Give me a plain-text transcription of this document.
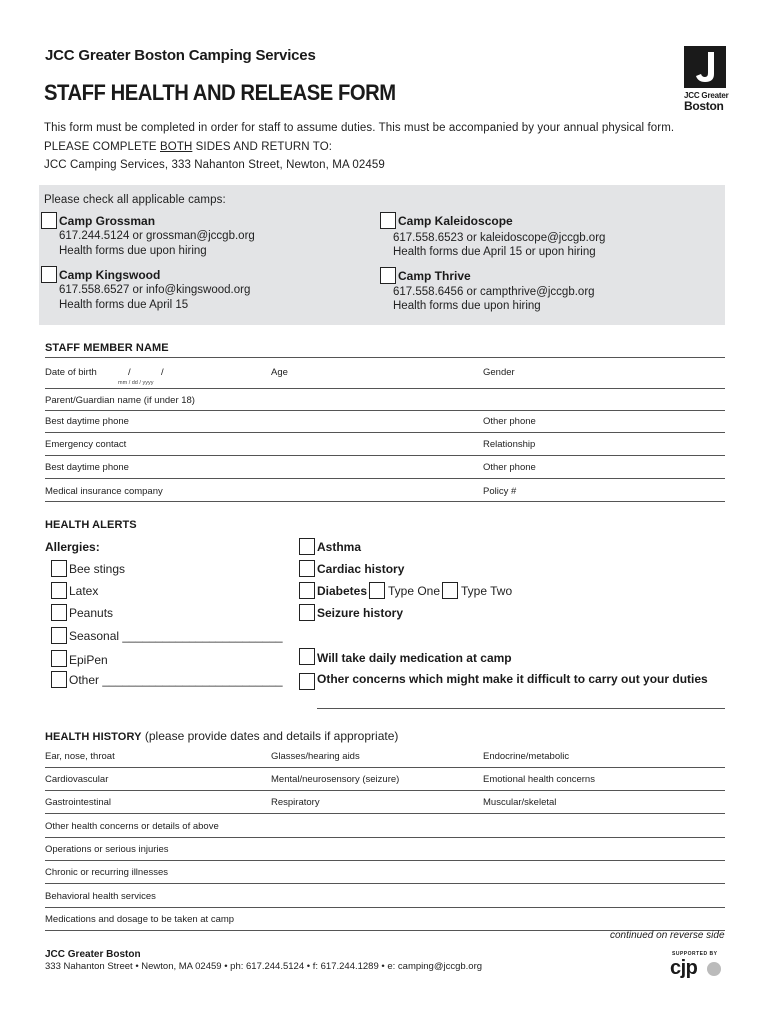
JCC Greater Boston Camping Services
STAFF HEALTH AND RELEASE FORM	JCC Greater
Boston
This form must be completed in order for staff to assume duties. This must be accompanied by your annual physical form.
PLEASE COMPLETE BOTH SIDES AND RETURN TO:
JCC Camping Services, 333 Nahanton Street, Newton, MA 02459
Please check all applicable camps:
Camp Grossman
617.244.5124 or grossman@jccgb.org
Health forms due upon hiring
Camp Kaleidoscope
617.558.6523 or kaleidoscope@jccgb.org
Health forms due April 15 or upon hiring
Camp Kingswood
617.558.6527 or info@kingswood.org
Health forms due April 15
Camp Thrive
617.558.6456 or campthrive@jccgb.org
Health forms due upon hiring
STAFF MEMBER NAME
Date of birth	/	/
mm / dd / yyyy
Age	Gender
Parent/Guardian name (if under 18)
Best daytime phone	Other phone
Emergency contact	Relationship
Best daytime phone	Other phone
Medical insurance company	Policy #
HEALTH ALERTS
Allergies:
Bee stings
Latex
Peanuts
Seasonal ________________________
EpiPen
Other ___________________________
Asthma
Cardiac history
Diabetes Type One Type Two
Seizure history
Will take daily medication at camp
Other concerns which might make it difficult to carry out your duties
HEALTH HISTORY (please provide dates and details if appropriate)
Ear, nose, throat	Glasses/hearing aids	Endocrine/metabolic
Cardiovascular	Mental/neurosensory (seizure)	Emotional health concerns
Gastrointestinal	Respiratory	Muscular/skeletal
Other health concerns or details of above
Operations or serious injuries
Chronic or recurring illnesses
Behavioral health services
Medications and dosage to be taken at camp
continued on reverse side
JCC Greater Boston
333 Nahanton Street • Newton, MA 02459 • ph: 617.244.5124 • f: 617.244.1289 • e: camping@jccgb.org
SUPPORTED BY
cjp
